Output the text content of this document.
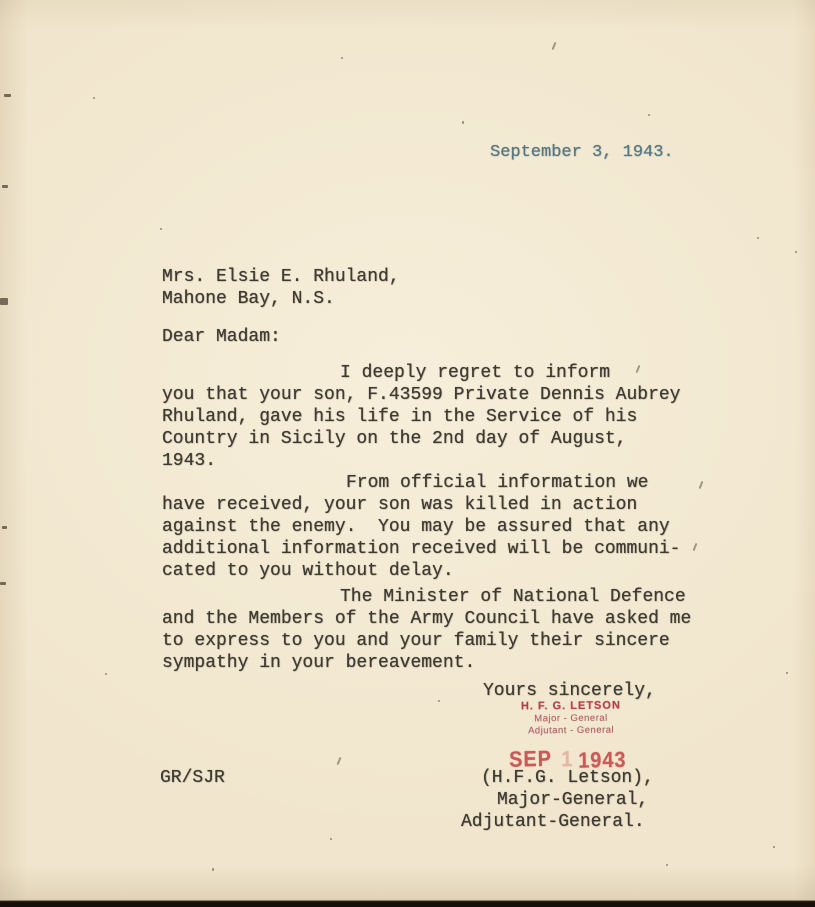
September 3, 1943.
Mrs. Elsie E. Rhuland,
Mahone Bay, N.S.
Dear Madam:
I deeply regret to inform
you that your son, F.43599 Private Dennis Aubrey
Rhuland, gave his life in the Service of his
Country in Sicily on the 2nd day of August,
1943.
From official information we
have received, your son was killed in action
against the enemy.  You may be assured that any
additional information received will be communi-
cated to you without delay.
The Minister of National Defence
and the Members of the Army Council have asked me
to express to you and your family their sincere
sympathy in your bereavement.
Yours sincerely,
H. F. G. LETSON
Major - General
Adjutant - General
SEP 1 1943
GR/SJR	(H.F.G. Letson),
Major-General,
Adjutant-General.
